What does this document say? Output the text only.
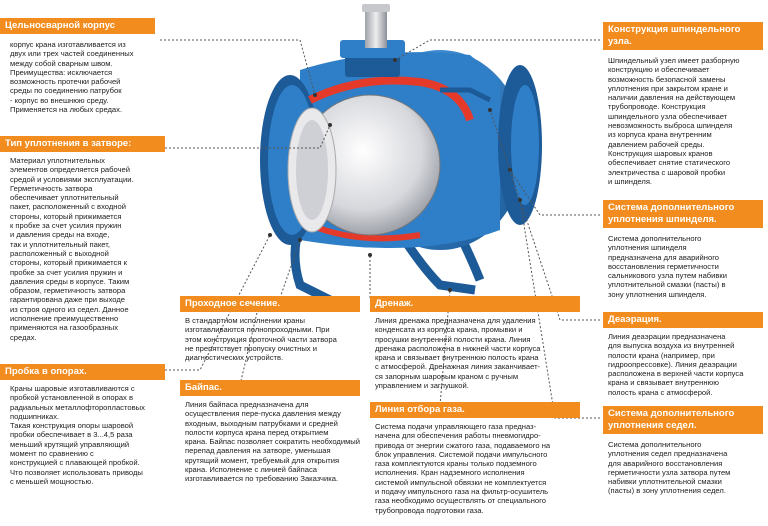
Цельносварной корпус

корпус крана изготавливается из
двух или трех частей соединенных
между собой сварным швом.
Преимущества: исключается
возможность протечки рабочей
среды по соединению патрубок
- корпус во внешнюю среду.
Применяется на любых средах.

Тип уплотнения в затворе:

Материал уплотнительных
элементов определяется рабочей
средой и условиями эксплуатации.
Герметичность затвора
обеспечивает уплотнительный
пакет, расположенный с входной
стороны, который прижимается
к пробке за счет усилия пружин
и давления среды на входе,
так и уплотнительный пакет,
расположенный с выходной
стороны, который прижимается к
пробке за счет усилия пружин и
давления среды в корпусе. Таким
образом, герметичность затвора
гарантирована даже при выходе
из строя одного из седел. Данное
исполнение преимущественно
применяются на газообразных
средах.

Пробка в опорах.

Краны шаровые изготавливаются с
пробкой установленной в опорах в
радиальных металлофторопластовых
подшипниках.
Такая конструкция опоры шаровой
пробки обеспечивает в 3...4,5 раза
меньший крутящий управляющий
момент по сравнению с
конструкцией с плавающей пробкой.
Что позволяет использовать приводы
с меньшей мощностью.

Проходное сечение.

В стандартном исполнении краны
изготавливаются полнопроходными. При
этом конструкция проточной части затвора
не препятствует пропуску очистных и
диагностических устройств.

Байпас.

Линия байпаса предназначена для
осуществления пере-пуска давления между
входным, выходным патрубками и средней
полости корпуса крана перед открытием
крана. Байпас позволяет сократить необходимый
перепад давления на затворе, уменьшая
крутящий момент, требуемый для открытия
крана. Исполнение с линией байпаса
изготавливается по требованию Заказчика.

Дренаж.

Линия дренажа предназначена для удаления
конденсата из корпуса крана, промывки и
просушки внутренней полости крана. Линия
дренажа расположена в нижней части корпуса
крана и связывает внутреннюю полость крана
с атмосферой. Дренажная линия заканчивает-
ся запорным шаровым краном с ручным
управлением и заглушкой.

Линия отбора газа.

Система подачи управляющего газа предназ-
начена для обеспечения работы пневмогидро-
привода от энергии сжатого газа, подаваемого на
блок управления. Системой подачи импульсного
газа комплектуются краны только подземного
исполнения. Кран надземного исполнения
системой импульсной обвязки не комплектуется
и подачу импульсного газа на фильтр-осушитель
газа необходимо осуществлять от специального
трубопровода подготовки газа.

Конструкция шпиндельного
узла.

Шпиндельный узел имеет разборную
конструкцию и обеспечивает
возможность безопасной замены
уплотнения при закрытом кране и
наличии давления на действующем
трубопроводе. Конструкция
шпиндельного узла обеспечивает
невозможность выброса шпинделя
из корпуса крана внутренним
давлением рабочей среды.
Конструкция шаровых кранов
обеспечивает снятие статического
электричества с шаровой пробки
и шпинделя.

Система дополнительного
уплотнения шпинделя.

Система дополнительного
уплотнения шпинделя
предназначена для аварийного
восстановления герметичности
сальникового узла путем набивки
уплотнительной смазки (пасты) в
зону уплотнения шпинделя.

Деаэрация.

Линия деаэрации предназначена
для выпуска воздуха из внутренней
полости крана (например, при
гидроопрессовке). Линия деаэрации
расположена в верхней части корпуса
крана и связывает внутреннюю
полость крана с атмосферой.

Система дополнительного
уплотнения седел.

Система дополнительного
уплотнения седел предназначена
для аварийного восстановления
герметичности узла затвора путем
набивки уплотнительной смазки
(пасты) в зону уплотнения седел.
